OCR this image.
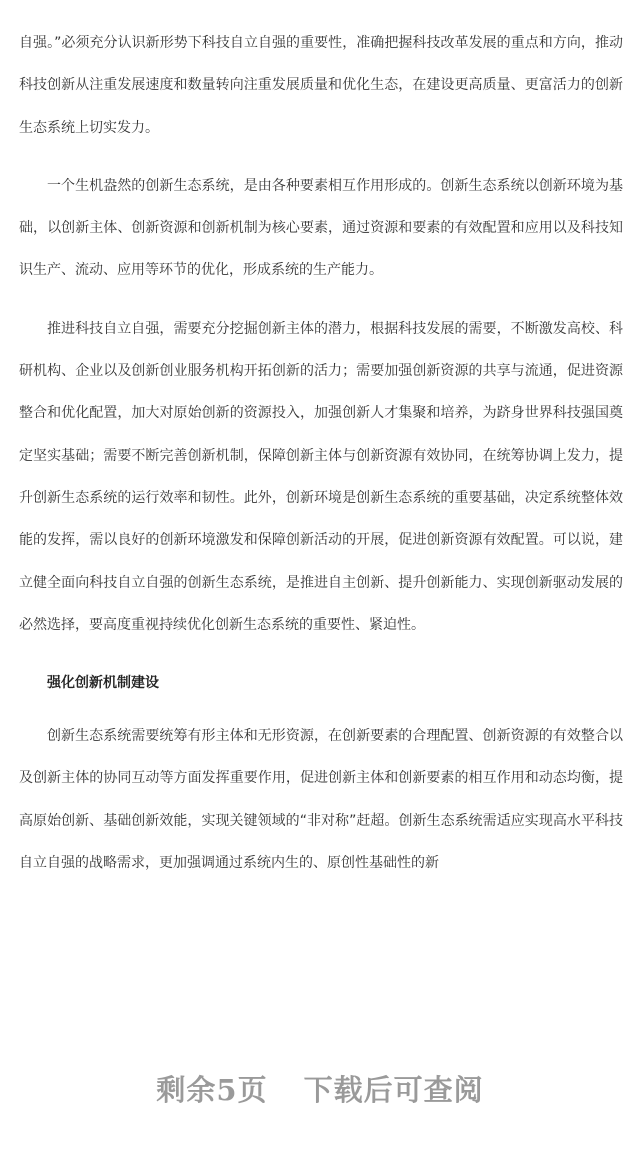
自强。”必须充分认识新形势下科技自立自强的重要性，准确把握科技改革发展的重点和方向，推动科技创新从注重发展速度和数量转向注重发展质量和优化生态，在建设更高质量、更富活力的创新生态系统上切实发力。

一个生机盎然的创新生态系统，是由各种要素相互作用形成的。创新生态系统以创新环境为基础，以创新主体、创新资源和创新机制为核心要素，通过资源和要素的有效配置和应用以及科技知识生产、流动、应用等环节的优化，形成系统的生产能力。

推进科技自立自强，需要充分挖掘创新主体的潜力，根据科技发展的需要，不断激发高校、科研机构、企业以及创新创业服务机构开拓创新的活力；需要加强创新资源的共享与流通，促进资源整合和优化配置，加大对原始创新的资源投入，加强创新人才集聚和培养，为跻身世界科技强国奠定坚实基础；需要不断完善创新机制，保障创新主体与创新资源有效协同，在统筹协调上发力，提升创新生态系统的运行效率和韧性。此外，创新环境是创新生态系统的重要基础，决定系统整体效能的发挥，需以良好的创新环境激发和保障创新活动的开展，促进创新资源有效配置。可以说，建立健全面向科技自立自强的创新生态系统，是推进自主创新、提升创新能力、实现创新驱动发展的必然选择，要高度重视持续优化创新生态系统的重要性、紧迫性。

强化创新机制建设

创新生态系统需要统筹有形主体和无形资源，在创新要素的合理配置、创新资源的有效整合以及创新主体的协同互动等方面发挥重要作用，促进创新主体和创新要素的相互作用和动态均衡，提高原始创新、基础创新效能，实现关键领域的“非对称”赶超。创新生态系统需适应实现高水平科技自立自强的战略需求，更加强调通过系统内生的、原创性基础性的新

剩余5页 下载后可查阅
